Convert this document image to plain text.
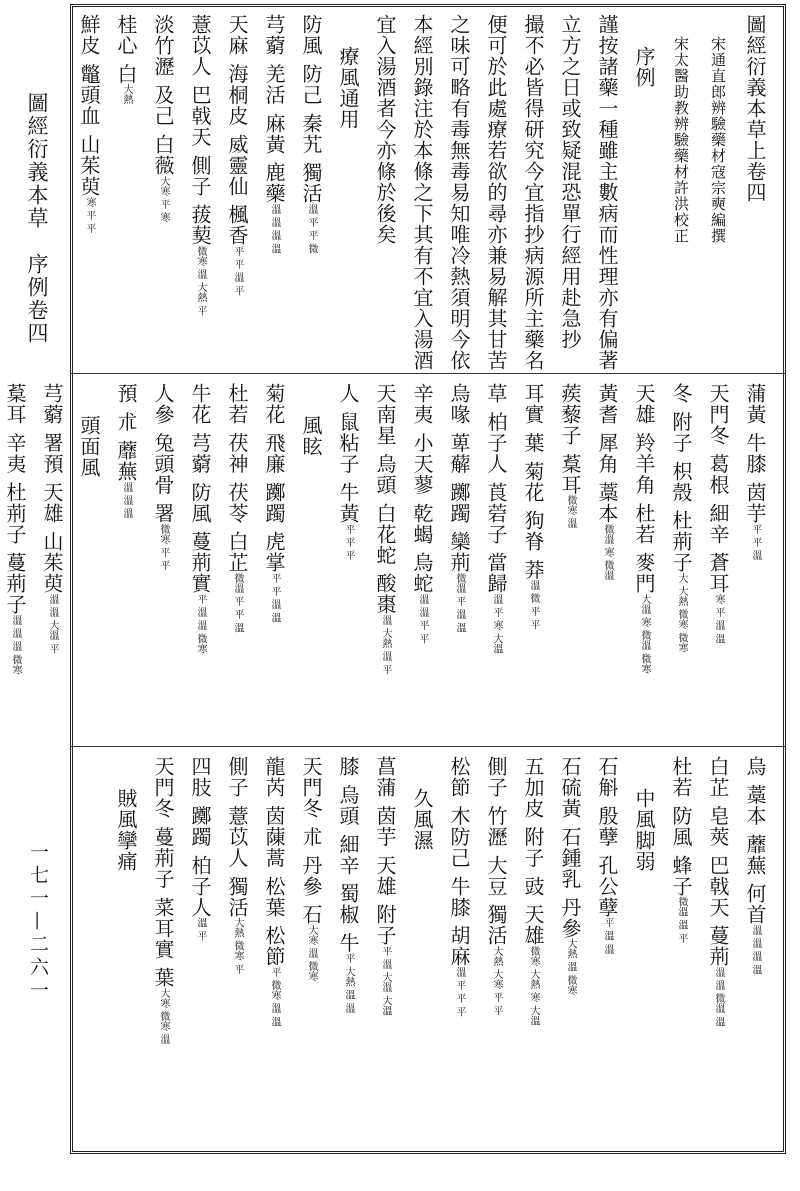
圖經衍義本草　序例卷四
一七一—二六一
圖經衍義本草上卷四
宋通直郎辨驗藥材寇宗奭編撰
宋太醫助教辨驗藥材許洪校正
序例
謹按諸藥一種雖主數病而性理亦有偏著
立方之日或致疑混恐單行經用赴急抄
撮不必皆得研究今宜指抄病源所主藥名
便可於此處療若欲的尋亦兼易解其甘苦
之味可略有毒無毒易知唯冷熱須明今依
本經別錄注於本條之下其有不宜入湯酒
宜入湯酒者今亦條於後矣
療風通用
防風 防己 秦艽 獨活溫 平 平 微
芎藭 羌活 麻黃 鹿藥溫 溫 溫 溫
天麻 海桐皮 威靈仙 楓香平 平 溫 平
薏苡人 巴戟天 側子 菝葜微寒 溫 大熱 平
淡竹瀝 及己 白薇大寒 平 寒
桂心 白大熱
鮮皮 鼈頭血 山茱萸寒 平 平
蒲黃 牛膝 茵芋平 平 溫
天門冬 葛根 細辛 蒼耳寒 平 溫 溫
冬 附子 枳殼 杜荊子大 大熱 微寒 微寒
天雄 羚羊角 杜若 麥門大溫 寒 微溫 微寒
黃耆 犀角 藁本微溫 寒 微溫
蒺藜子 葈耳微寒 溫
耳實 葉 菊花 狗脊 莽溫 微 平 平
草 柏子人 莨菪子 當歸溫 平 寒 大溫
烏喙 萆薢 躑躅 欒荊微溫 平 溫 溫
辛夷 小天蓼 乾蝎 烏蛇溫 溫 平 平
天南星 烏頭 白花蛇 酸棗溫 大熱 溫 平
人 鼠粘子 牛黃平 平 平
風眩
菊花 飛廉 躑躅 虎掌平 平 溫 溫
杜若 茯神 茯苓 白芷微溫 平 平 溫
牛花 芎藭 防風 蔓荊實平 溫 溫 微寒
人參 兔頭骨 署微寒 平 平
預 朮 蘼蕪溫 溫 溫
頭面風
芎藭 署預 天雄 山茱萸溫 溫 大溫 平
葈耳 辛夷 杜荊子 蔓荊子溫 溫 溫 微寒
烏 藁本 蘼蕪 何首溫 溫 溫 溫
白芷 皂莢 巴戟天 蔓荊溫 溫 微溫 溫
杜若 防風 蜂子微溫 溫 平
中風脚弱
石斛 殷孽 孔公孽平 溫 溫
石硫黃 石鍾乳 丹參大熱 溫 微寒
五加皮 附子 豉 天雄微寒 大熱 寒 大溫
側子 竹瀝 大豆 獨活大熱 大寒 平 平
松節 木防己 牛膝 胡麻溫 平 平 平
久風濕
菖蒲 茵芋 天雄 附子平 溫 大溫 大溫
膝 烏頭 細辛 蜀椒 牛平 大熱 溫 溫
天門冬 朮 丹參 石大寒 溫 微寒
龍芮 茵蔯蒿 松葉 松節平 微寒 溫 溫
側子 薏苡人 獨活大熱 微寒 平
四肢 躑躅 柏子人溫 平
天門冬 蔓荊子 菜耳實 葉大寒 微寒 溫
賊風攣痛
